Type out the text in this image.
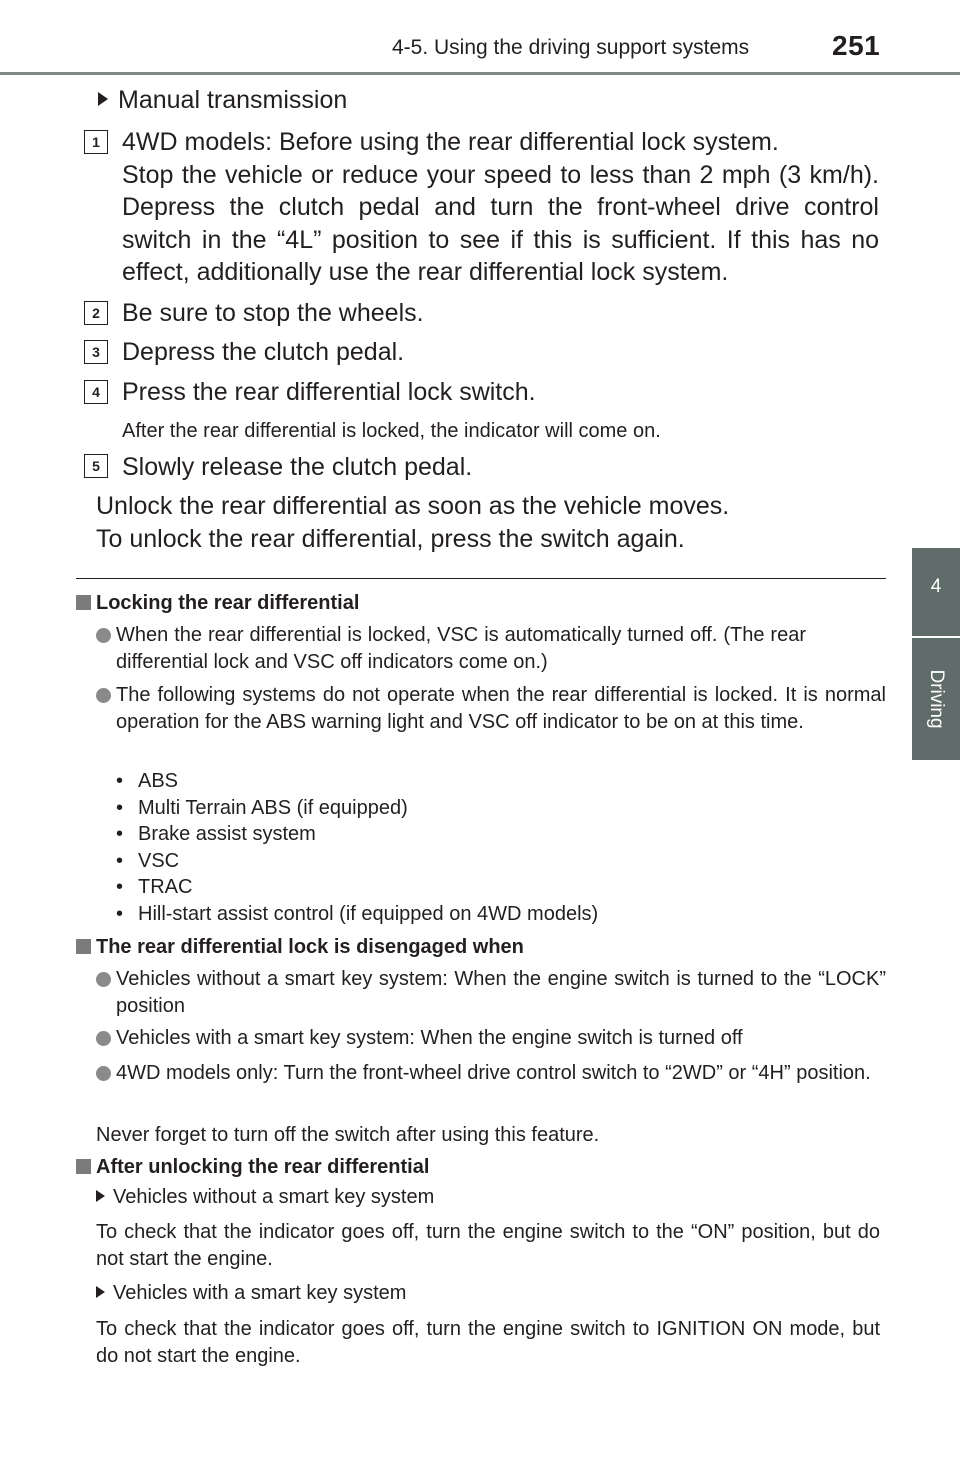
4-5. Using the driving support systems	251
4
Driving
Manual transmission
1 4WD models: Before using the rear differential lock system.
Stop the vehicle or reduce your speed to less than 2 mph (3 km/h). Depress the clutch pedal and turn the front-wheel drive control switch in the “4L” position to see if this is sufficient. If this has no effect, additionally use the rear differential lock system.
2 Be sure to stop the wheels.
3 Depress the clutch pedal.
4 Press the rear differential lock switch.
After the rear differential is locked, the indicator will come on.
5 Slowly release the clutch pedal.
Unlock the rear differential as soon as the vehicle moves.
To unlock the rear differential, press the switch again.
Locking the rear differential
When the rear differential is locked, VSC is automatically turned off. (The rear differential lock and VSC off indicators come on.)
The following systems do not operate when the rear differential is locked. It is normal operation for the ABS warning light and VSC off indicator to be on at this time.
• ABS
• Multi Terrain ABS (if equipped)
• Brake assist system
• VSC
• TRAC
• Hill-start assist control (if equipped on 4WD models)
The rear differential lock is disengaged when
Vehicles without a smart key system: When the engine switch is turned to the “LOCK” position
Vehicles with a smart key system: When the engine switch is turned off
4WD models only: Turn the front-wheel drive control switch to “2WD” or “4H” position.
Never forget to turn off the switch after using this feature.
After unlocking the rear differential
Vehicles without a smart key system
To check that the indicator goes off, turn the engine switch to the “ON” position, but do not start the engine.
Vehicles with a smart key system
To check that the indicator goes off, turn the engine switch to IGNITION ON mode, but do not start the engine.
